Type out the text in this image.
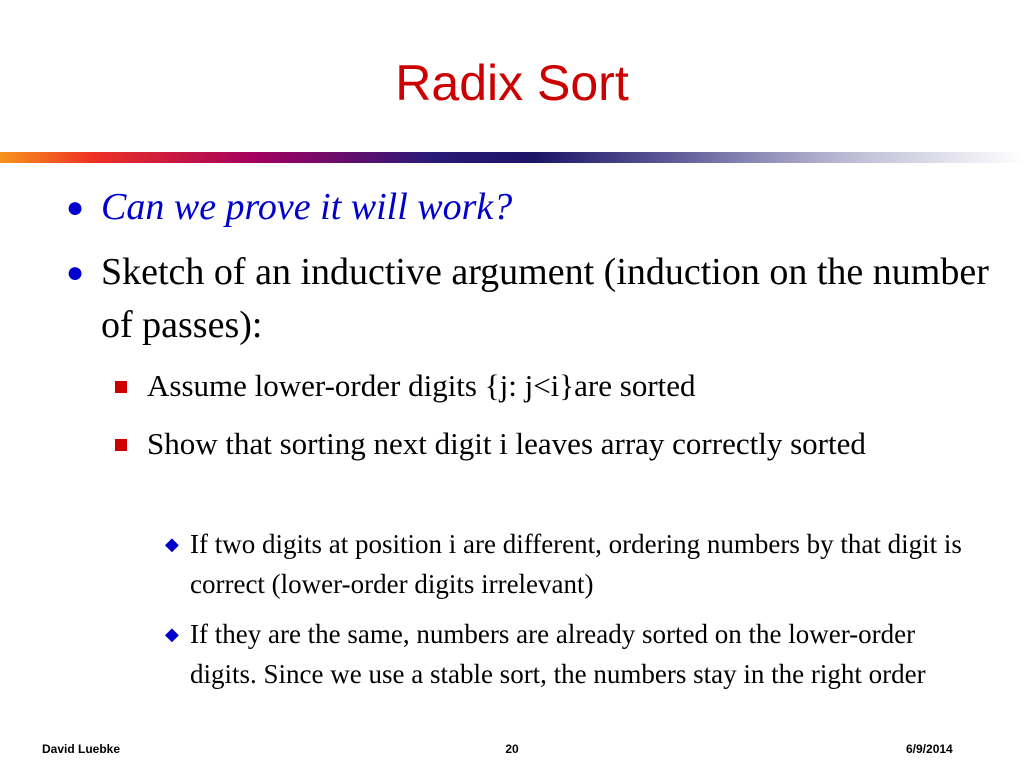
Radix Sort
● Can we prove it will work?
● Sketch of an inductive argument (induction on the number of passes):
Assume lower-order digits {j: j<i}are sorted
Show that sorting next digit i leaves array correctly sorted
◆ If two digits at position i are different, ordering numbers by that digit is correct (lower-order digits irrelevant)
◆ If they are the same, numbers are already sorted on the lower-order digits. Since we use a stable sort, the numbers stay in the right order
David Luebke	20	6/9/2014
